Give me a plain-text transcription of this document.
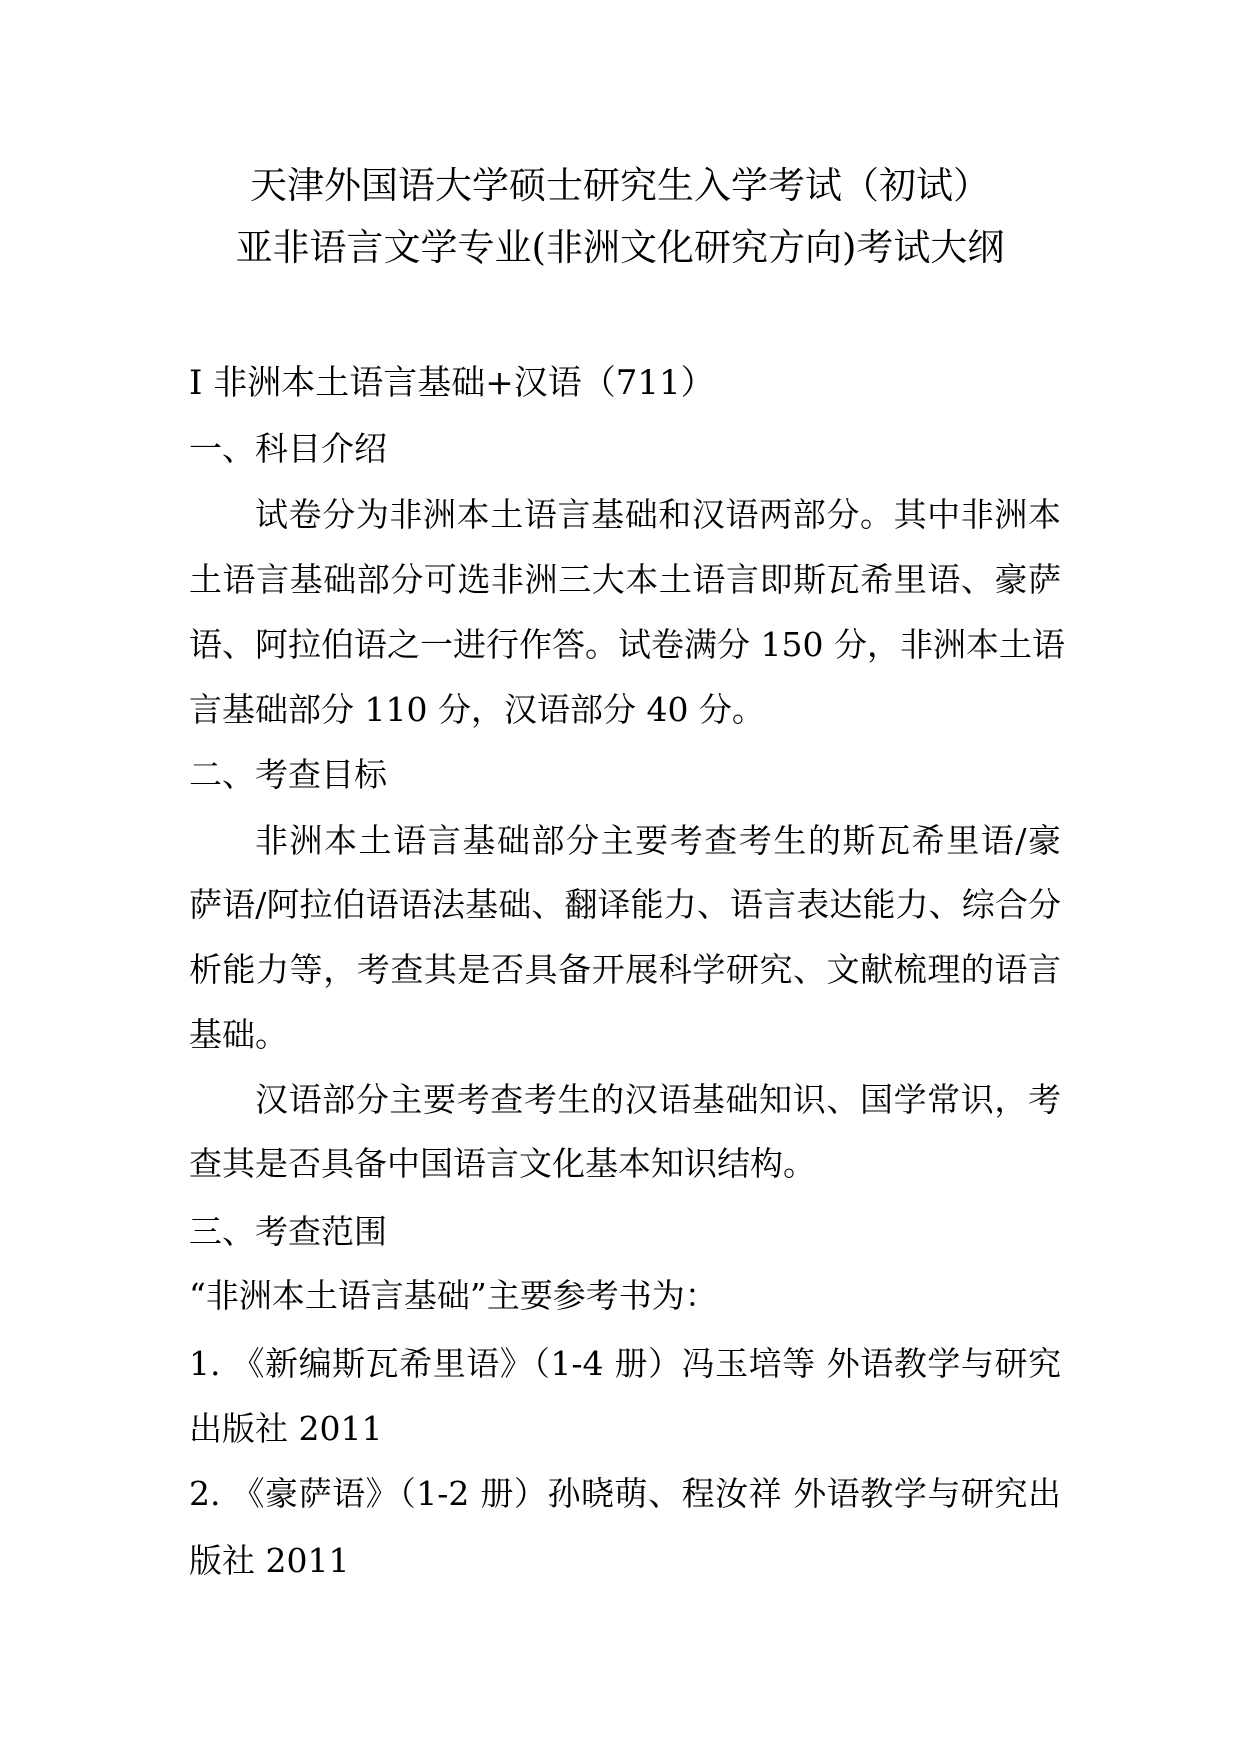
天津外国语大学硕士研究生入学考试（初试）
亚非语言文学专业(非洲文化研究方向)考试大纲
Ⅰ 非洲本土语言基础+汉语（711）
一、科目介绍
试卷分为非洲本土语言基础和汉语两部分。其中非洲本
土语言基础部分可选非洲三大本土语言即斯瓦希里语、豪萨
语、阿拉伯语之一进行作答。试卷满分 150 分，非洲本土语
言基础部分 110 分，汉语部分 40 分。
二、考查目标
非洲本土语言基础部分主要考查考生的斯瓦希里语/豪
萨语/阿拉伯语语法基础、翻译能力、语言表达能力、综合分
析能力等，考查其是否具备开展科学研究、文献梳理的语言
基础。
汉语部分主要考查考生的汉语基础知识、国学常识，考
查其是否具备中国语言文化基本知识结构。
三、考查范围
“非洲本土语言基础”主要参考书为：
1. 《新编斯瓦希里语》（1-4 册）冯玉培等 外语教学与研究
出版社 2011
2. 《豪萨语》（1-2 册）孙晓萌、程汝祥 外语教学与研究出
版社 2011
